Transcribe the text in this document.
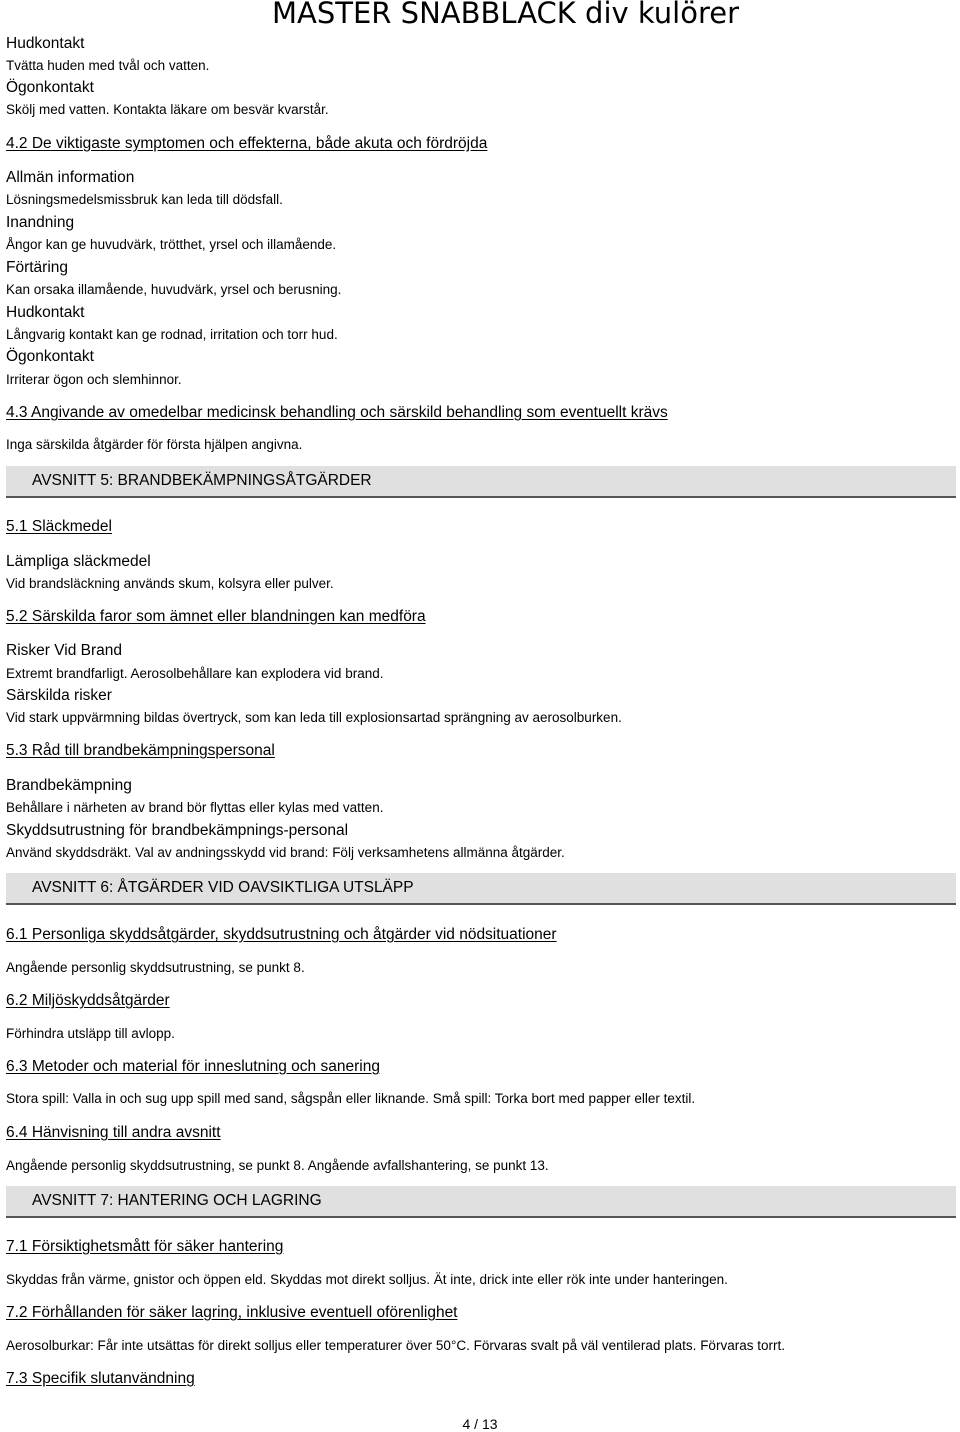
MASTER SNABBLACK div kulörer
Hudkontakt
Tvätta huden med tvål och vatten.
Ögonkontakt
Skölj med vatten. Kontakta läkare om besvär kvarstår.
4.2 De viktigaste symptomen och effekterna, både akuta och fördröjda
Allmän information
Lösningsmedelsmissbruk kan leda till dödsfall.
Inandning
Ångor kan ge huvudvärk, trötthet, yrsel och illamående.
Förtäring
Kan orsaka illamående, huvudvärk, yrsel och berusning.
Hudkontakt
Långvarig kontakt kan ge rodnad, irritation och torr hud.
Ögonkontakt
Irriterar ögon och slemhinnor.
4.3 Angivande av omedelbar medicinsk behandling och särskild behandling som eventuellt krävs
Inga särskilda åtgärder för första hjälpen angivna.
AVSNITT 5: BRANDBEKÄMPNINGSÅTGÄRDER
5.1 Släckmedel
Lämpliga släckmedel
Vid brandsläckning används skum, kolsyra eller pulver.
5.2 Särskilda faror som ämnet eller blandningen kan medföra
Risker Vid Brand
Extremt brandfarligt. Aerosolbehållare kan explodera vid brand.
Särskilda risker
Vid stark uppvärmning bildas övertryck, som kan leda till explosionsartad sprängning av aerosolburken.
5.3 Råd till brandbekämpningspersonal
Brandbekämpning
Behållare i närheten av brand bör flyttas eller kylas med vatten.
Skyddsutrustning för brandbekämpnings-personal
Använd skyddsdräkt. Val av andningsskydd vid brand: Följ verksamhetens allmänna åtgärder.
AVSNITT 6: ÅTGÄRDER VID OAVSIKTLIGA UTSLÄPP
6.1 Personliga skyddsåtgärder, skyddsutrustning och åtgärder vid nödsituationer
Angående personlig skyddsutrustning, se punkt 8.
6.2 Miljöskyddsåtgärder
Förhindra utsläpp till avlopp.
6.3 Metoder och material för inneslutning och sanering
Stora spill: Valla in och sug upp spill med sand, sågspån eller liknande. Små spill: Torka bort med papper eller textil.
6.4 Hänvisning till andra avsnitt
Angående personlig skyddsutrustning, se punkt 8. Angående avfallshantering, se punkt 13.
AVSNITT 7: HANTERING OCH LAGRING
7.1 Försiktighetsmått för säker hantering
Skyddas från värme, gnistor och öppen eld. Skyddas mot direkt solljus. Ät inte, drick inte eller rök inte under hanteringen.
7.2 Förhållanden för säker lagring, inklusive eventuell oförenlighet
Aerosolburkar: Får inte utsättas för direkt solljus eller temperaturer över 50°C. Förvaras svalt på väl ventilerad plats. Förvaras torrt.
7.3 Specifik slutanvändning
4 / 13
